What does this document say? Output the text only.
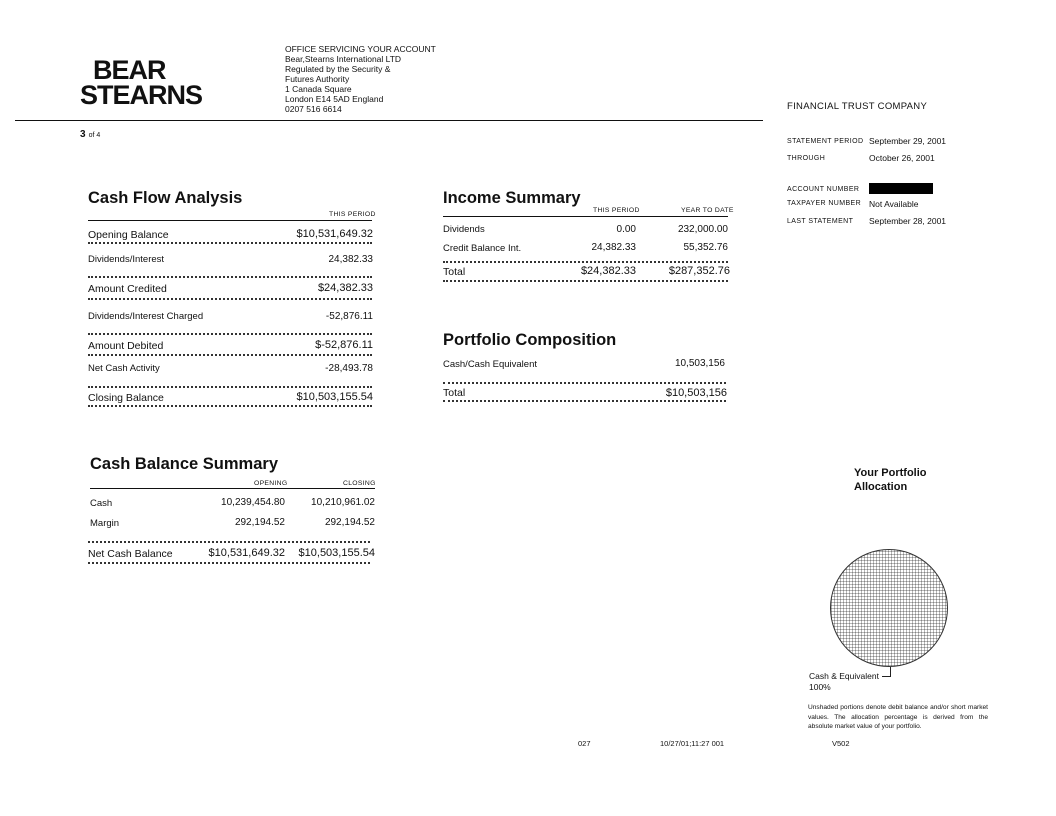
BEAR
STEARNS
OFFICE SERVICING YOUR ACCOUNT
Bear,Stearns International LTD
Regulated by the Security &
Futures Authority
1 Canada Square
London E14 5AD England
0207 516 6614
3 of 4
FINANCIAL TRUST COMPANY
STATEMENT PERIOD September 29, 2001
THROUGH	October 26, 2001
ACCOUNT NUMBER
TAXPAYER NUMBER Not Available
LAST STATEMENT September 28, 2001
Cash Flow Analysis
THIS PERIOD
Opening Balance	$10,531,649.32
Dividends/Interest	24,382.33
Amount Credited	$24,382.33
Dividends/Interest Charged	-52,876.11
Amount Debited	$-52,876.11
Net Cash Activity	-28,493.78
Closing Balance	$10,503,155.54
Income Summary
THIS PERIOD	YEAR TO DATE
Dividends	0.00	232,000.00
Credit Balance Int.	24,382.33	55,352.76
Total	$24,382.33	$287,352.76
Portfolio Composition
Cash/Cash Equivalent	10,503,156
Total	$10,503,156
Cash Balance Summary
OPENING	CLOSING
Cash	10,239,454.80	10,210,961.02
Margin	292,194.52	292,194.52
Net Cash Balance	$10,531,649.32	$10,503,155.54
Your Portfolio
Allocation
Cash & Equivalent
100%
Unshaded portions denote debit balance and/or short market values. The allocation percentage is derived from the absolute market value of your portfolio.
027	10/27/01;11:27 001	V502
